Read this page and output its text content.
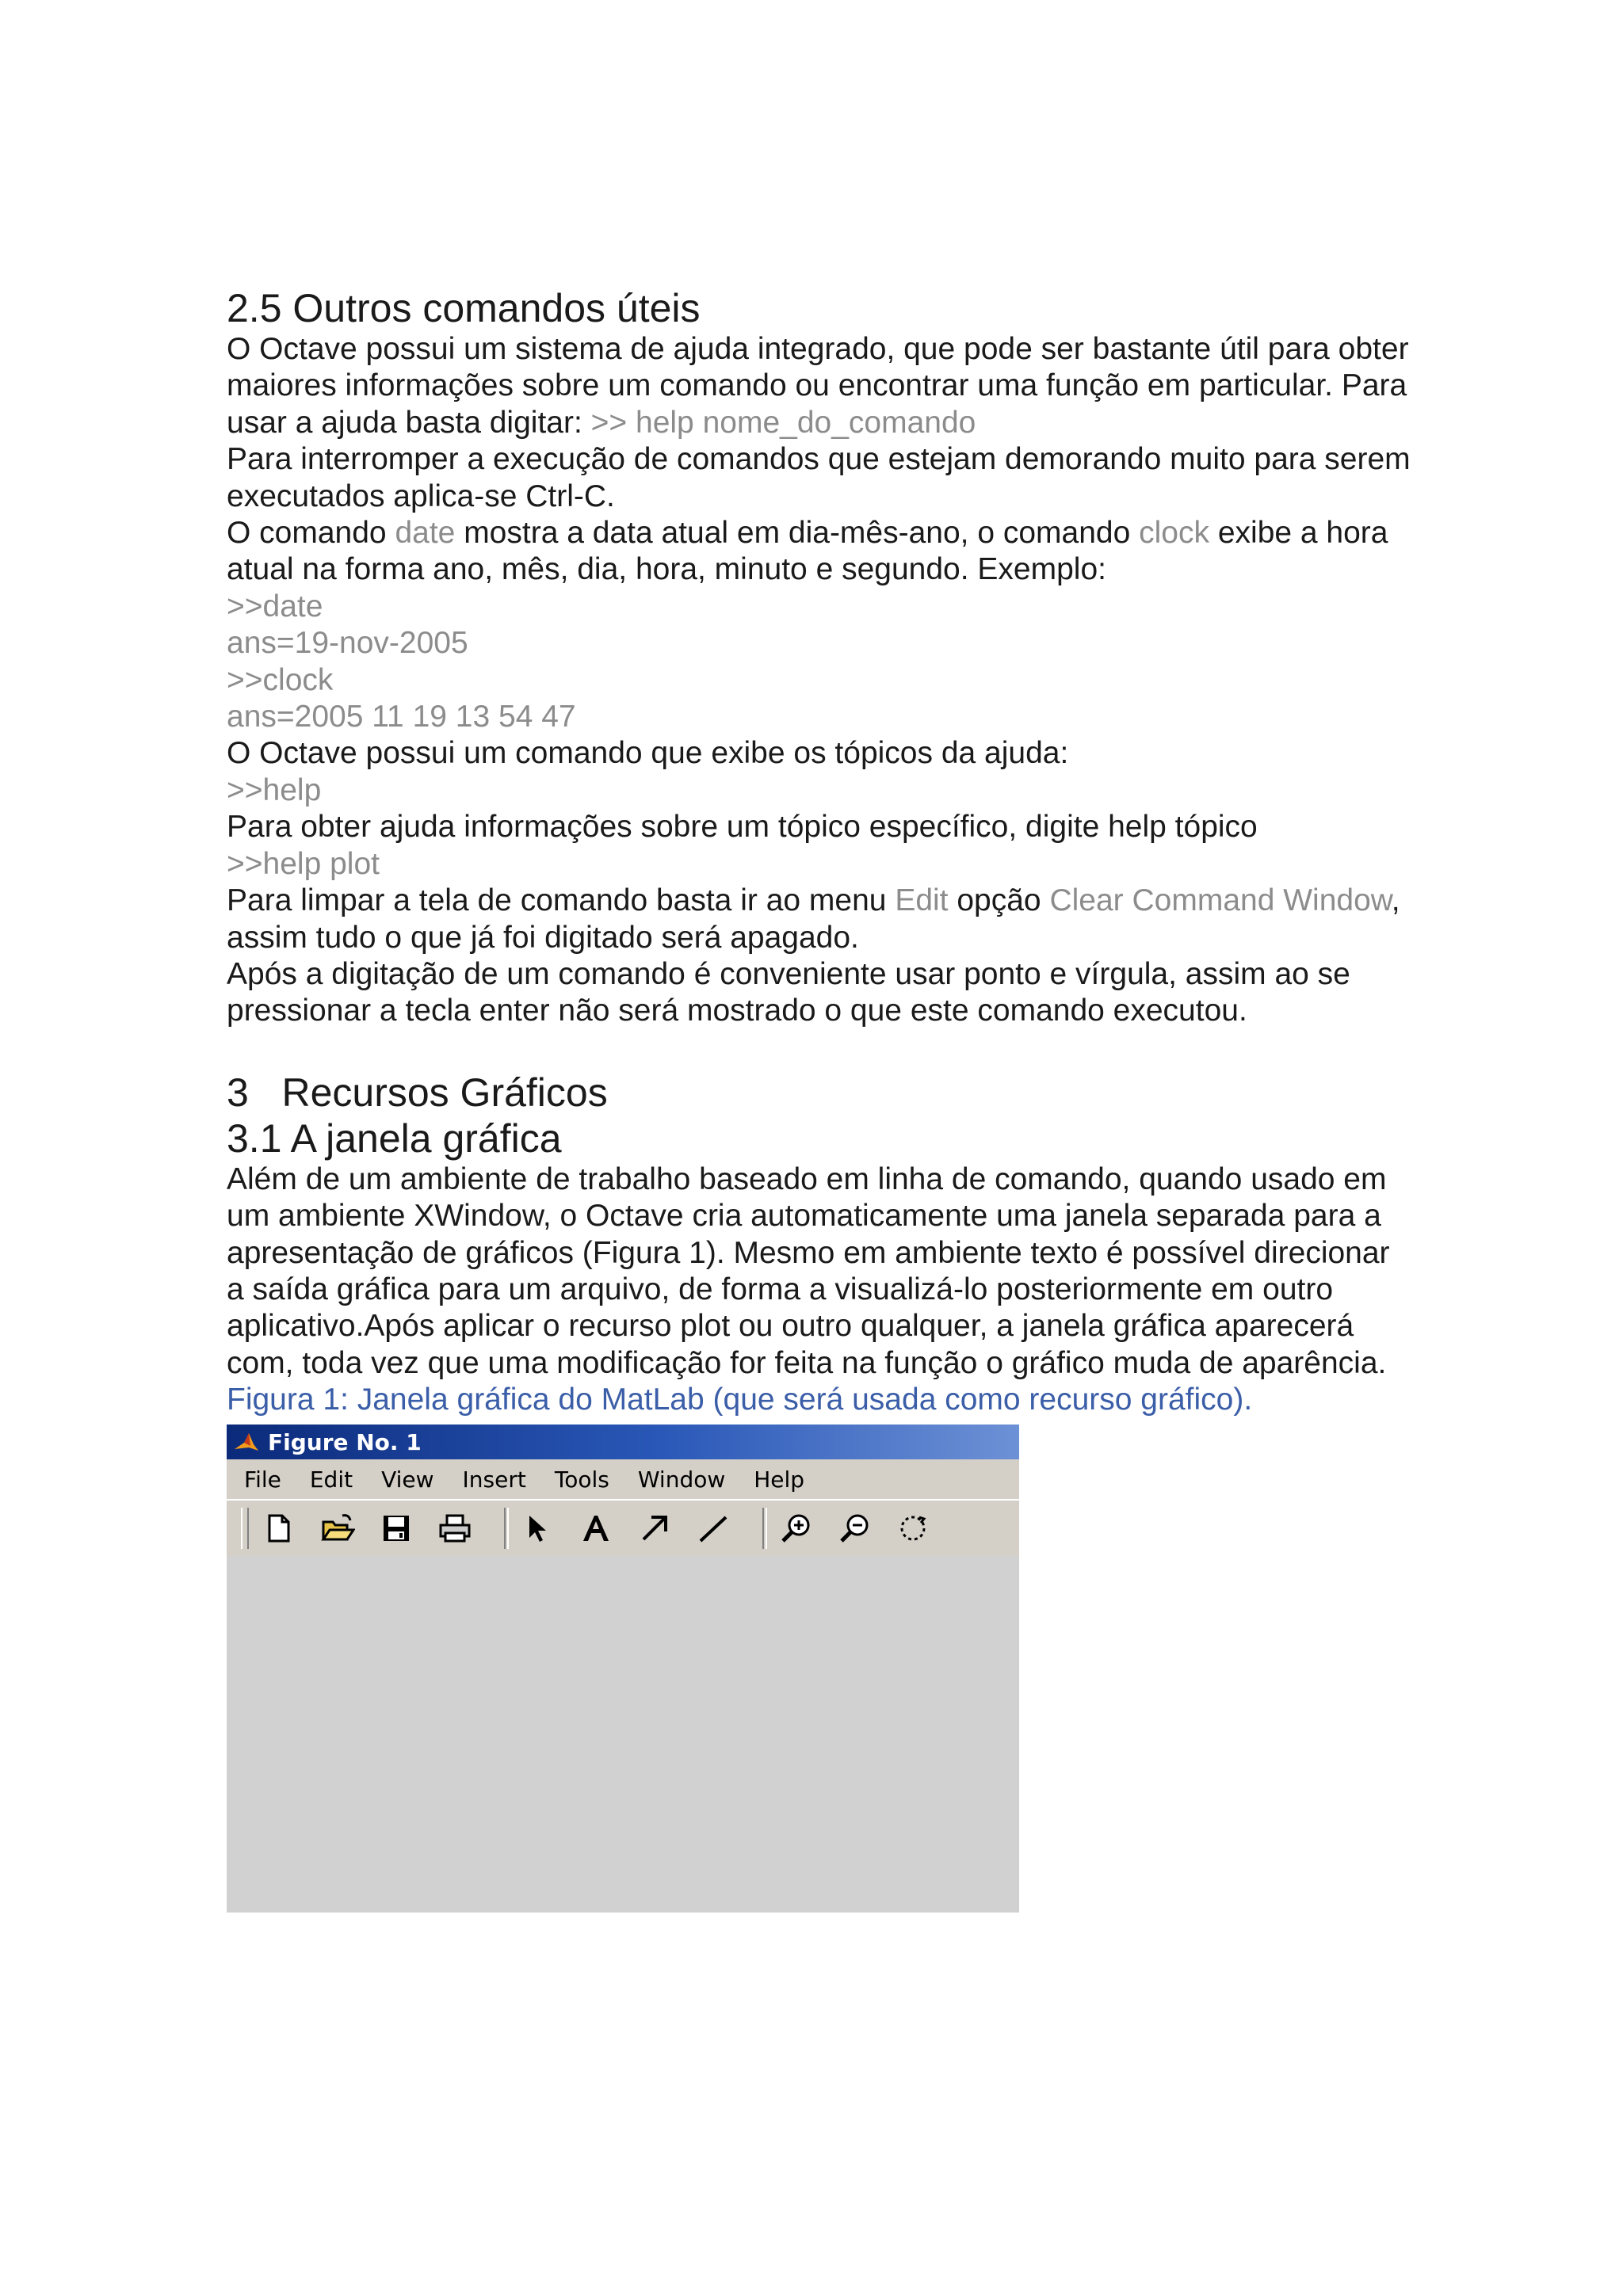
2.5 Outros comandos úteis

O Octave possui um sistema de ajuda integrado, que pode ser bastante útil para obter maiores informações sobre um comando ou encontrar uma função em particular. Para usar a ajuda basta digitar: >> help nome_do_comando

Para interromper a execução de comandos que estejam demorando muito para serem executados aplica-se Ctrl-C.

O comando date mostra a data atual em dia-mês-ano, o comando clock exibe a hora atual na forma ano, mês, dia, hora, minuto e segundo. Exemplo:

>>date

ans=19-nov-2005

>>clock

ans=2005 11 19 13 54 47

O Octave possui um comando que exibe os tópicos da ajuda:

>>help

Para obter ajuda informações sobre um tópico específico, digite help tópico

>>help plot

Para limpar a tela de comando basta ir ao menu Edit opção Clear Command Window, assim tudo o que já foi digitado será apagado.

Após a digitação de um comando é conveniente usar ponto e vírgula, assim ao se pressionar a tecla enter não será mostrado o que este comando executou.

3   Recursos Gráficos
3.1 A janela gráfica

Além de um ambiente de trabalho baseado em linha de comando, quando usado em um ambiente XWindow, o Octave cria automaticamente uma janela separada para a apresentação de gráficos (Figura 1). Mesmo em ambiente texto é possível direcionar a saída gráfica para um arquivo, de forma a visualizá-lo posteriormente em outro aplicativo.Após aplicar o recurso plot ou outro qualquer, a janela gráfica aparecerá com, toda vez que uma modificação for feita na função o gráfico muda de aparência.

Figura 1: Janela gráfica do MatLab (que será usada como recurso gráfico).

Figure No. 1
File Edit View Insert Tools Window Help
